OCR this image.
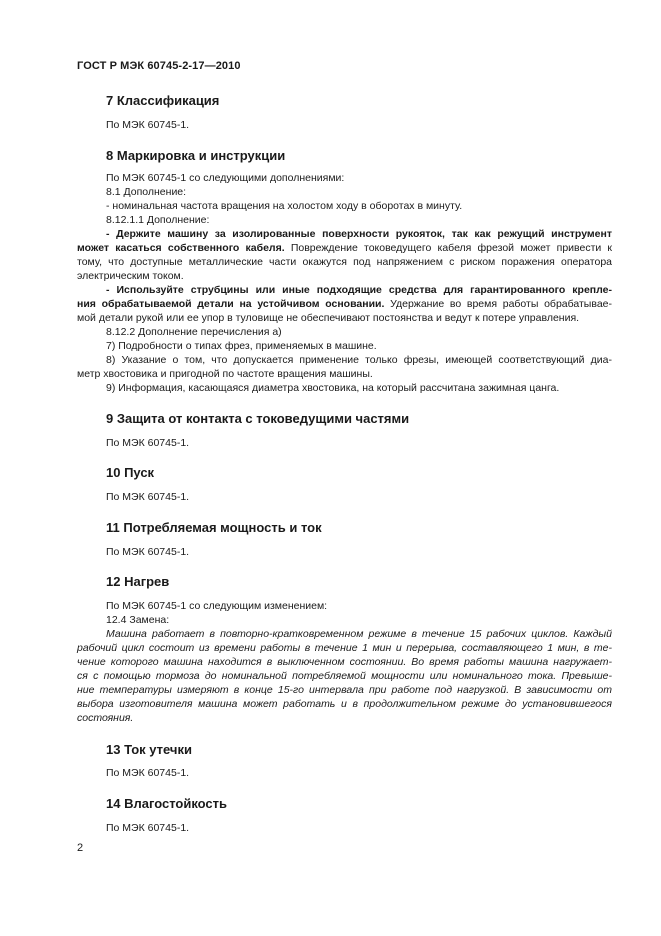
ГОСТ Р МЭК 60745-2-17—2010
7 Классификация
По МЭК 60745-1.
8 Маркировка и инструкции
По МЭК 60745-1 со следующими дополнениями:
8.1 Дополнение:
- номинальная частота вращения на холостом ходу в оборотах в минуту.
8.12.1.1 Дополнение:
- Держите машину за изолированные поверхности рукояток, так как режущий инструмент
может касаться собственного кабеля. Повреждение токоведущего кабеля фрезой может привести к
тому, что доступные металлические части окажутся под напряжением с риском поражения оператора
электрическим током.
- Используйте струбцины или иные подходящие средства для гарантированного крепле-
ния обрабатываемой детали на устойчивом основании. Удержание во время работы обрабатывае-
мой детали рукой или ее упор в туловище не обеспечивают постоянства и ведут к потере управления.
8.12.2 Дополнение перечисления а)
7) Подробности о типах фрез, применяемых в машине.
8) Указание о том, что допускается применение только фрезы, имеющей соответствующий диа-
метр хвостовика и пригодной по частоте вращения машины.
9) Информация, касающаяся диаметра хвостовика, на который рассчитана зажимная цанга.
9 Защита от контакта с токоведущими частями
По МЭК 60745-1.
10 Пуск
По МЭК 60745-1.
11 Потребляемая мощность и ток
По МЭК 60745-1.
12 Нагрев
По МЭК 60745-1 со следующим изменением:
12.4 Замена:
Машина работает в повторно-кратковременном режиме в течение 15 рабочих циклов. Каждый
рабочий цикл состоит из времени работы в течение 1 мин и перерыва, составляющего 1 мин, в те-
чение которого машина находится в выключенном состоянии. Во время работы машина нагружает-
ся с помощью тормоза до номинальной потребляемой мощности или номинального тока. Превыше-
ние температуры измеряют в конце 15-го интервала при работе под нагрузкой. В зависимости от
выбора изготовителя машина может работать и в продолжительном режиме до установившегося
состояния.
13 Ток утечки
По МЭК 60745-1.
14 Влагостойкость
По МЭК 60745-1.
2
